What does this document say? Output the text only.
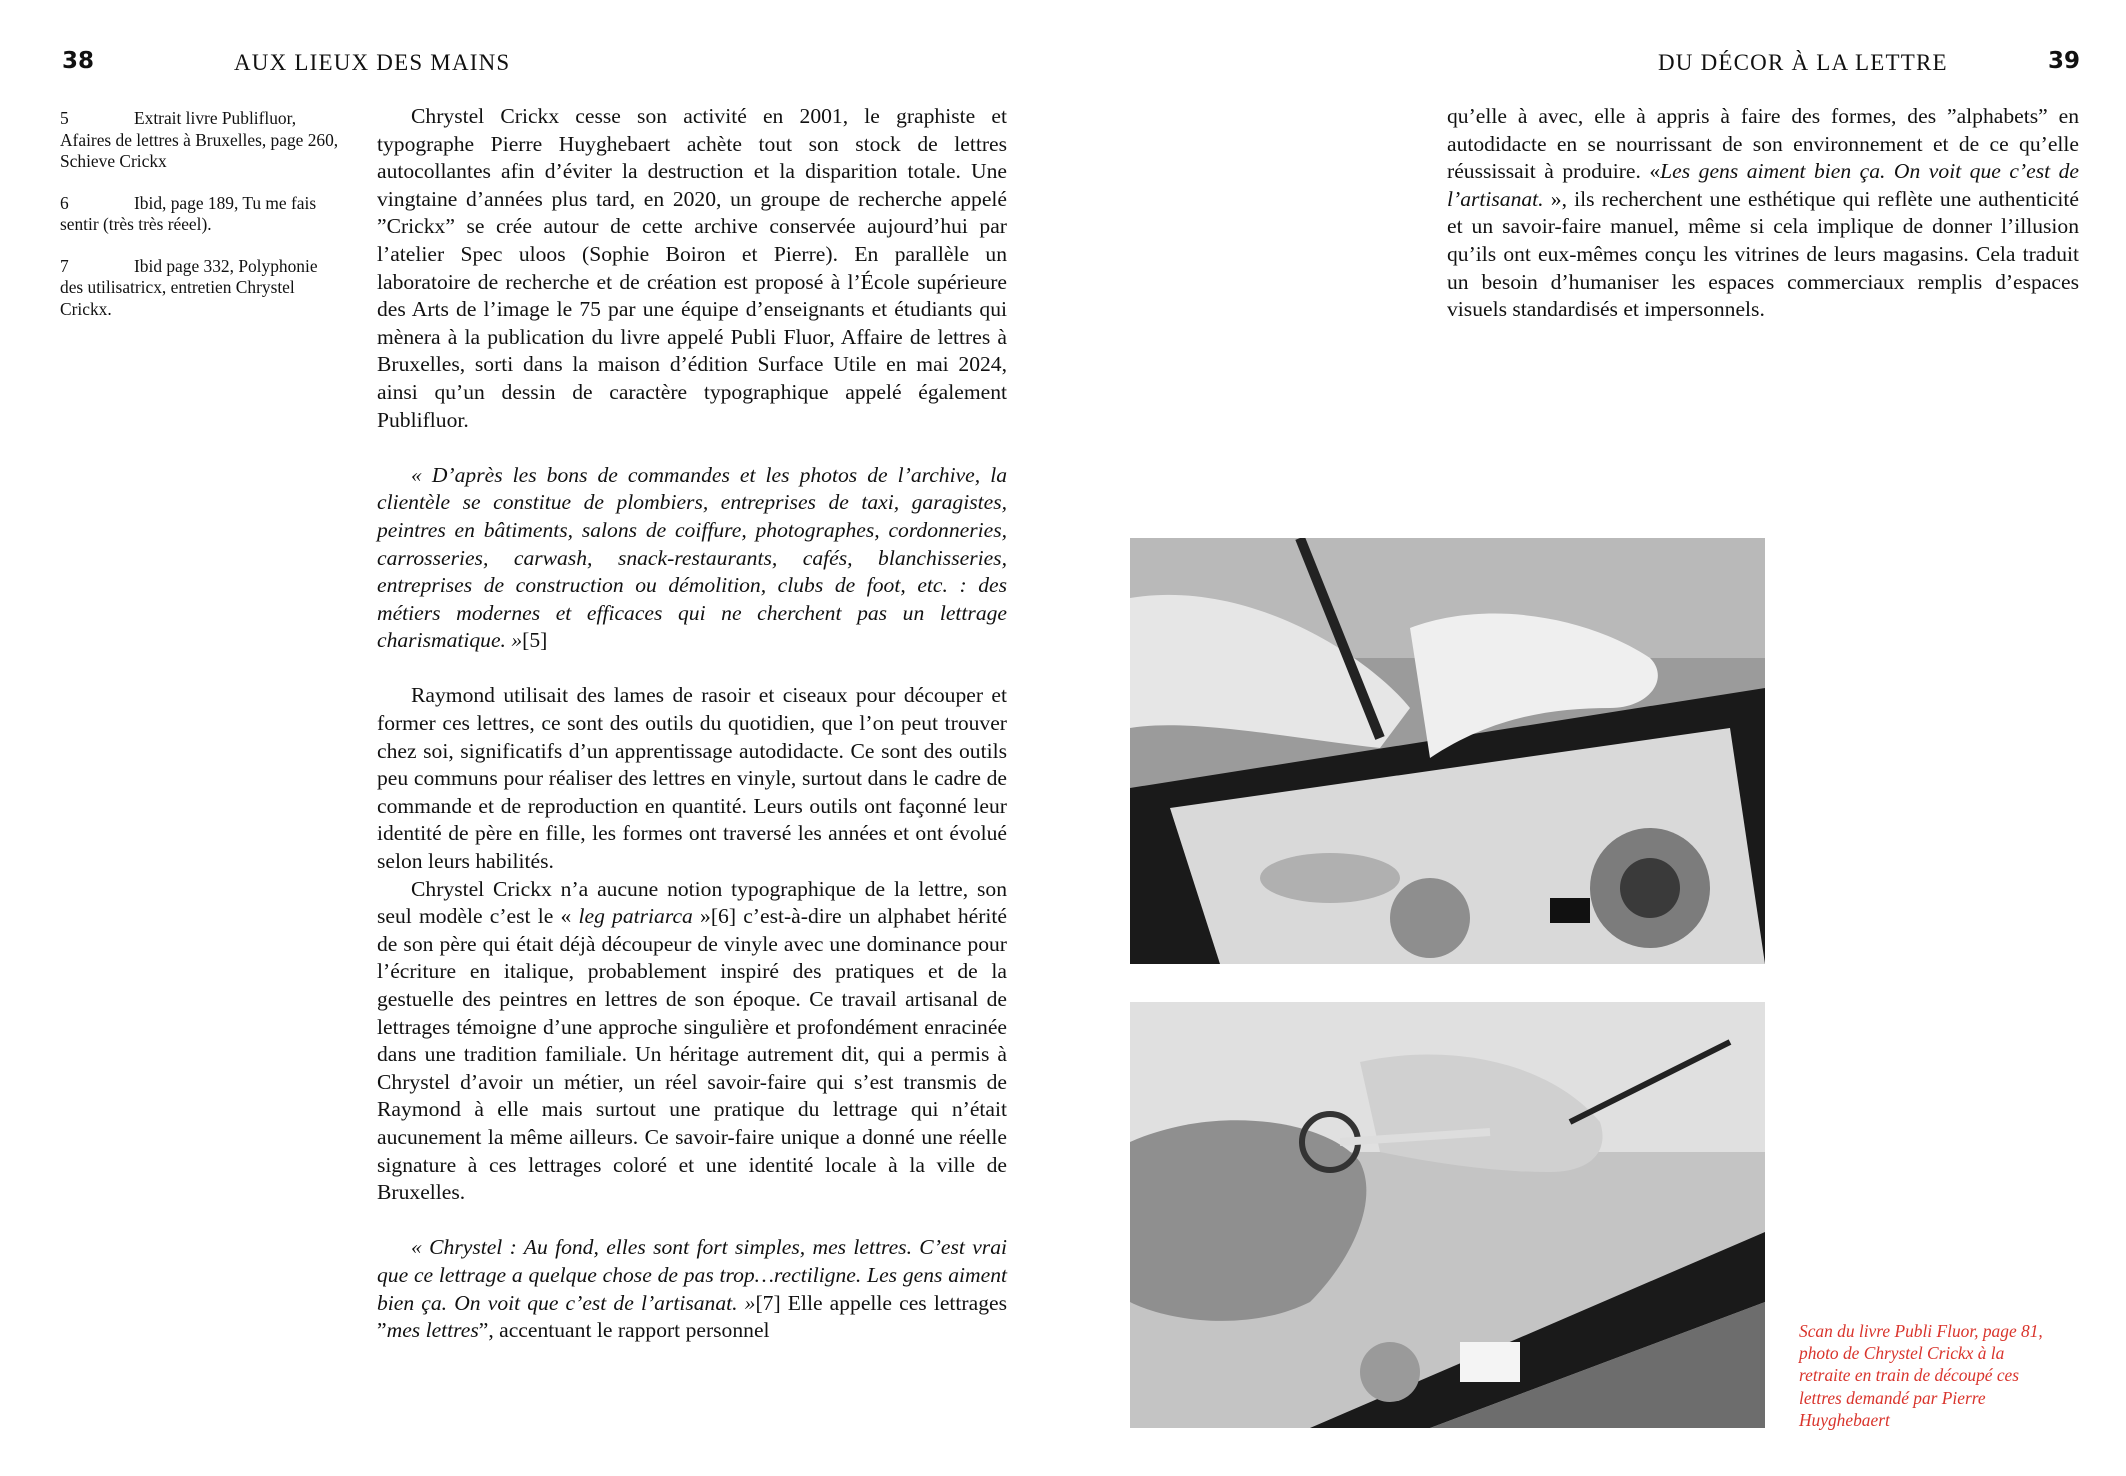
38	AUX LIEUX DES MAINS
5	Extrait livre Publifluor, Afaires de lettres à Bruxelles, page 260, Schieve Crickx
6	Ibid, page 189, Tu me fais sentir (très très réeel).
7	Ibid page 332, Polyphonie des utilisatricx, entretien Chrystel Crickx.

Chrystel Crickx cesse son activité en 2001, le graphiste et typographe Pierre Huyghebaert achète tout son stock de lettres autocollantes afin d’éviter la destruction et la disparition totale. Une vingtaine d’années plus tard, en 2020, un groupe de recherche appelé ”Crickx” se crée autour de cette archive conservée aujourd’hui par l’atelier Spec uloos (Sophie Boiron et Pierre). En parallèle un laboratoire de recherche et de création est proposé à l’École supérieure des Arts de l’image le 75 par une équipe d’enseignants et étudiants qui mènera à la publication du livre appelé Publi Fluor, Affaire de lettres à Bruxelles, sorti dans la maison d’édition Surface Utile en mai 2024, ainsi qu’un dessin de caractère typographique appelé également Publifluor.

« D’après les bons de commandes et les photos de l’archive, la clientèle se constitue de plombiers, entreprises de taxi, garagistes, peintres en bâtiments, salons de coiffure, photographes, cordonneries, carrosseries, carwash, snack-restaurants, cafés, blanchisseries, entreprises de construction ou démolition, clubs de foot, etc. : des métiers modernes et efficaces qui ne cherchent pas un lettrage charismatique. »[5]

Raymond utilisait des lames de rasoir et ciseaux pour découper et former ces lettres, ce sont des outils du quotidien, que l’on peut trouver chez soi, significatifs d’un apprentissage autodidacte. Ce sont des outils peu communs pour réaliser des lettres en vinyle, surtout dans le cadre de commande et de reproduction en quantité. Leurs outils ont façonné leur identité de père en fille, les formes ont traversé les années et ont évolué selon leurs habilités.

Chrystel Crickx n’a aucune notion typographique de la lettre, son seul modèle c’est le « leg patriarca »[6] c’est-à-dire un alphabet hérité de son père qui était déjà découpeur de vinyle avec une dominance pour l’écriture en italique, probablement inspiré des pratiques et de la gestuelle des peintres en lettres de son époque. Ce travail artisanal de lettrages témoigne d’une approche singulière et profondément enracinée dans une tradition familiale. Un héritage autrement dit, qui a permis à Chrystel d’avoir un métier, un réel savoir-faire qui s’est transmis de Raymond à elle mais surtout une pratique du lettrage qui n’était aucunement la même ailleurs. Ce savoir-faire unique a donné une réelle signature à ces lettrages coloré et une identité locale à la ville de Bruxelles.

« Chrystel : Au fond, elles sont fort simples, mes lettres. C’est vrai que ce lettrage a quelque chose de pas trop…rectiligne. Les gens aiment bien ça. On voit que c’est de l’artisanat. »[7] Elle appelle ces lettrages ”mes lettres”, accentuant le rapport personnel

DU DÉCOR À LA LETTRE	39

qu’elle à avec, elle à appris à faire des formes, des ”alphabets” en autodidacte en se nourrissant de son environnement et de ce qu’elle réussissait à produire. «Les gens aiment bien ça. On voit que c’est de l’artisanat. », ils recherchent une esthétique qui reflète une authenticité et un savoir-faire manuel, même si cela implique de donner l’illusion qu’ils ont eux-mêmes conçu les vitrines de leurs magasins. Cela traduit un besoin d’humaniser les espaces commerciaux remplis d’espaces visuels standardisés et impersonnels.

Scan du livre Publi Fluor, page 81, photo de Chrystel Crickx à la retraite en train de découpé ces lettres demandé par Pierre Huyghebaert
